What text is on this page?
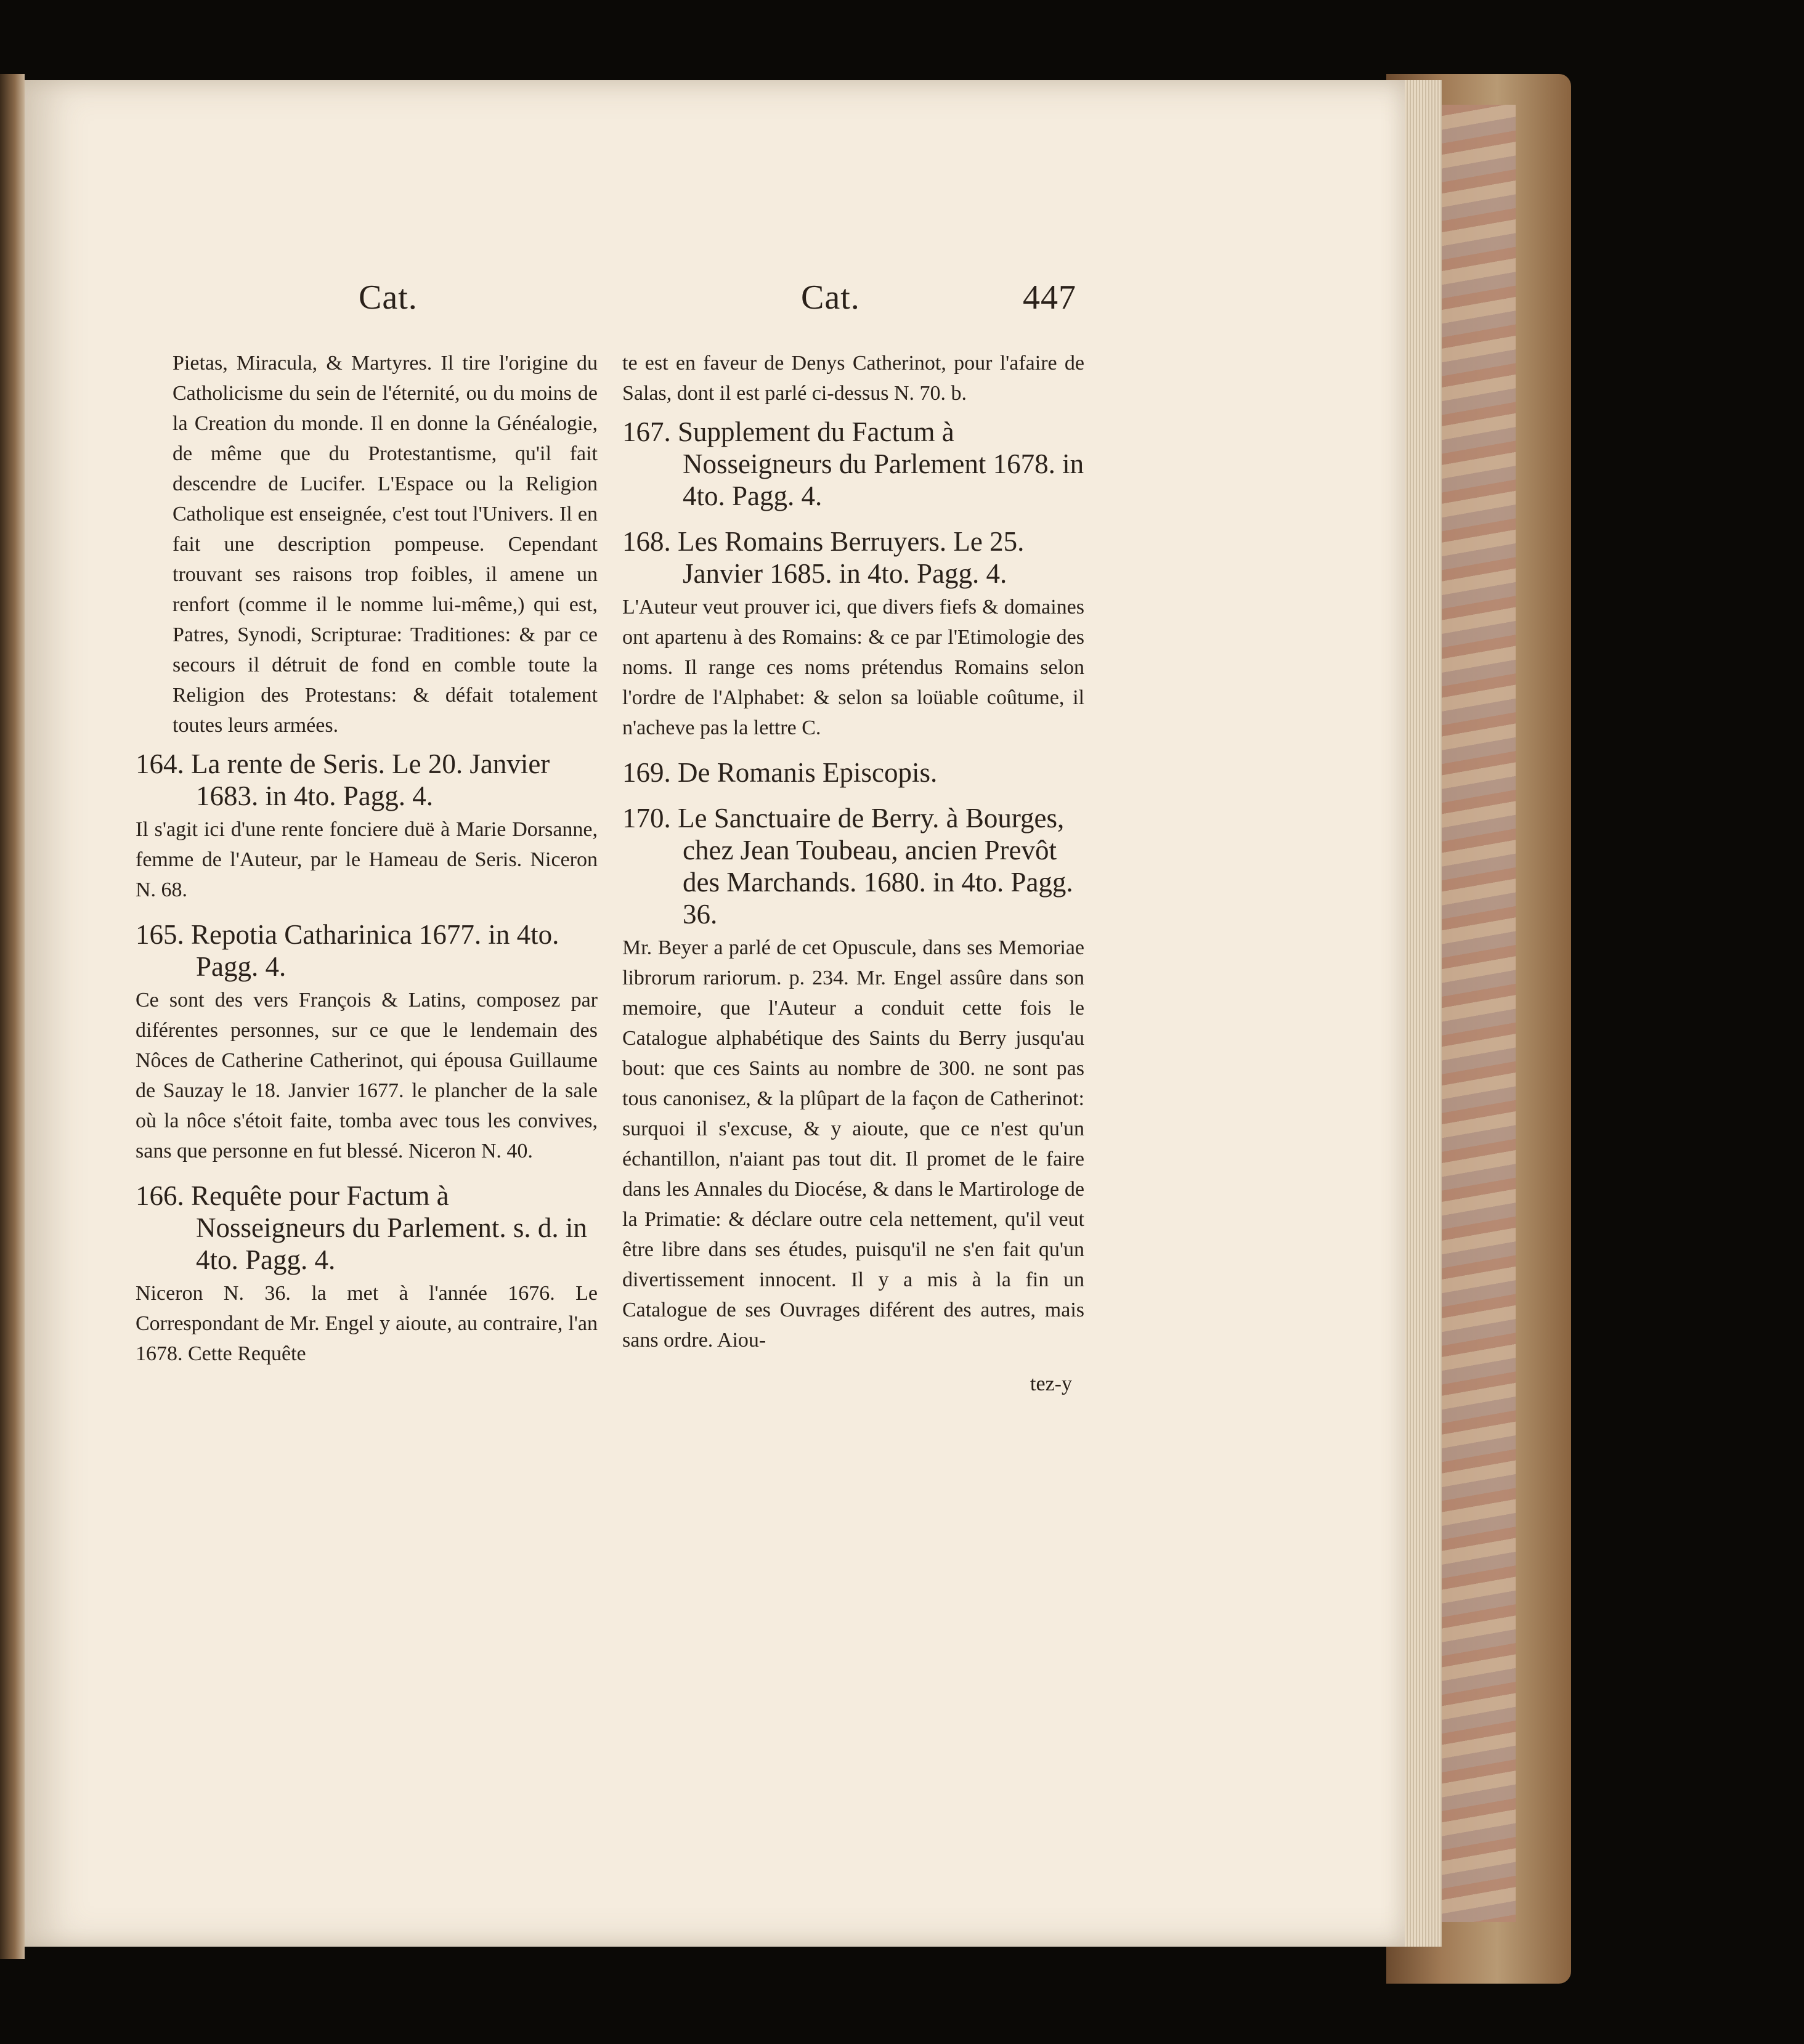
Cat.	Cat.	447

Pietas, Miracula, & Martyres. Il tire l'origine du Catholicisme du sein de l'éternité, ou du moins de la Creation du monde. Il en donne la Généalogie, de même que du Protestantisme, qu'il fait descendre de Lucifer. L'Espace ou la Religion Catholique est enseignée, c'est tout l'Univers. Il en fait une description pompeuse. Cependant trouvant ses raisons trop foibles, il amene un renfort (comme il le nomme lui-même,) qui est, Patres, Synodi, Scripturae: Traditiones: & par ce secours il détruit de fond en comble toute la Religion des Protestans: & défait totalement toutes leurs armées.

164. La rente de Seris. Le 20. Janvier 1683. in 4to. Pagg. 4.

Il s'agit ici d'une rente fonciere duë à Marie Dorsanne, femme de l'Auteur, par le Hameau de Seris. Niceron N. 68.

165. Repotia Catharinica 1677. in 4to. Pagg. 4.

Ce sont des vers François & Latins, composez par diférentes personnes, sur ce que le lendemain des Nôces de Catherine Catherinot, qui épousa Guillaume de Sauzay le 18. Janvier 1677. le plancher de la sale où la nôce s'étoit faite, tomba avec tous les convives, sans que personne en fut blessé. Niceron N. 40.

166. Requête pour Factum à Nosseigneurs du Parlement. s. d. in 4to. Pagg. 4.

Niceron N. 36. la met à l'année 1676. Le Correspondant de Mr. Engel y aioute, au contraire, l'an 1678. Cette Requête

te est en faveur de Denys Catherinot, pour l'afaire de Salas, dont il est parlé ci-dessus N. 70. b.

167. Supplement du Factum à Nosseigneurs du Parlement 1678. in 4to. Pagg. 4.

168. Les Romains Berruyers. Le 25. Janvier 1685. in 4to. Pagg. 4.

L'Auteur veut prouver ici, que divers fiefs & domaines ont apartenu à des Romains: & ce par l'Etimologie des noms. Il range ces noms prétendus Romains selon l'ordre de l'Alphabet: & selon sa loüable coûtume, il n'acheve pas la lettre C.

169. De Romanis Episcopis.

170. Le Sanctuaire de Berry. à Bourges, chez Jean Toubeau, ancien Prevôt des Marchands. 1680. in 4to. Pagg. 36.

Mr. Beyer a parlé de cet Opuscule, dans ses Memoriae librorum rariorum. p. 234. Mr. Engel assûre dans son memoire, que l'Auteur a conduit cette fois le Catalogue alphabétique des Saints du Berry jusqu'au bout: que ces Saints au nombre de 300. ne sont pas tous canonisez, & la plûpart de la façon de Catherinot: surquoi il s'excuse, & y aioute, que ce n'est qu'un échantillon, n'aiant pas tout dit. Il promet de le faire dans les Annales du Diocése, & dans le Martirologe de la Primatie: & déclare outre cela nettement, qu'il veut être libre dans ses études, puisqu'il ne s'en fait qu'un divertissement innocent. Il y a mis à la fin un Catalogue de ses Ouvrages diférent des autres, mais sans ordre. Aiou-

tez-y
